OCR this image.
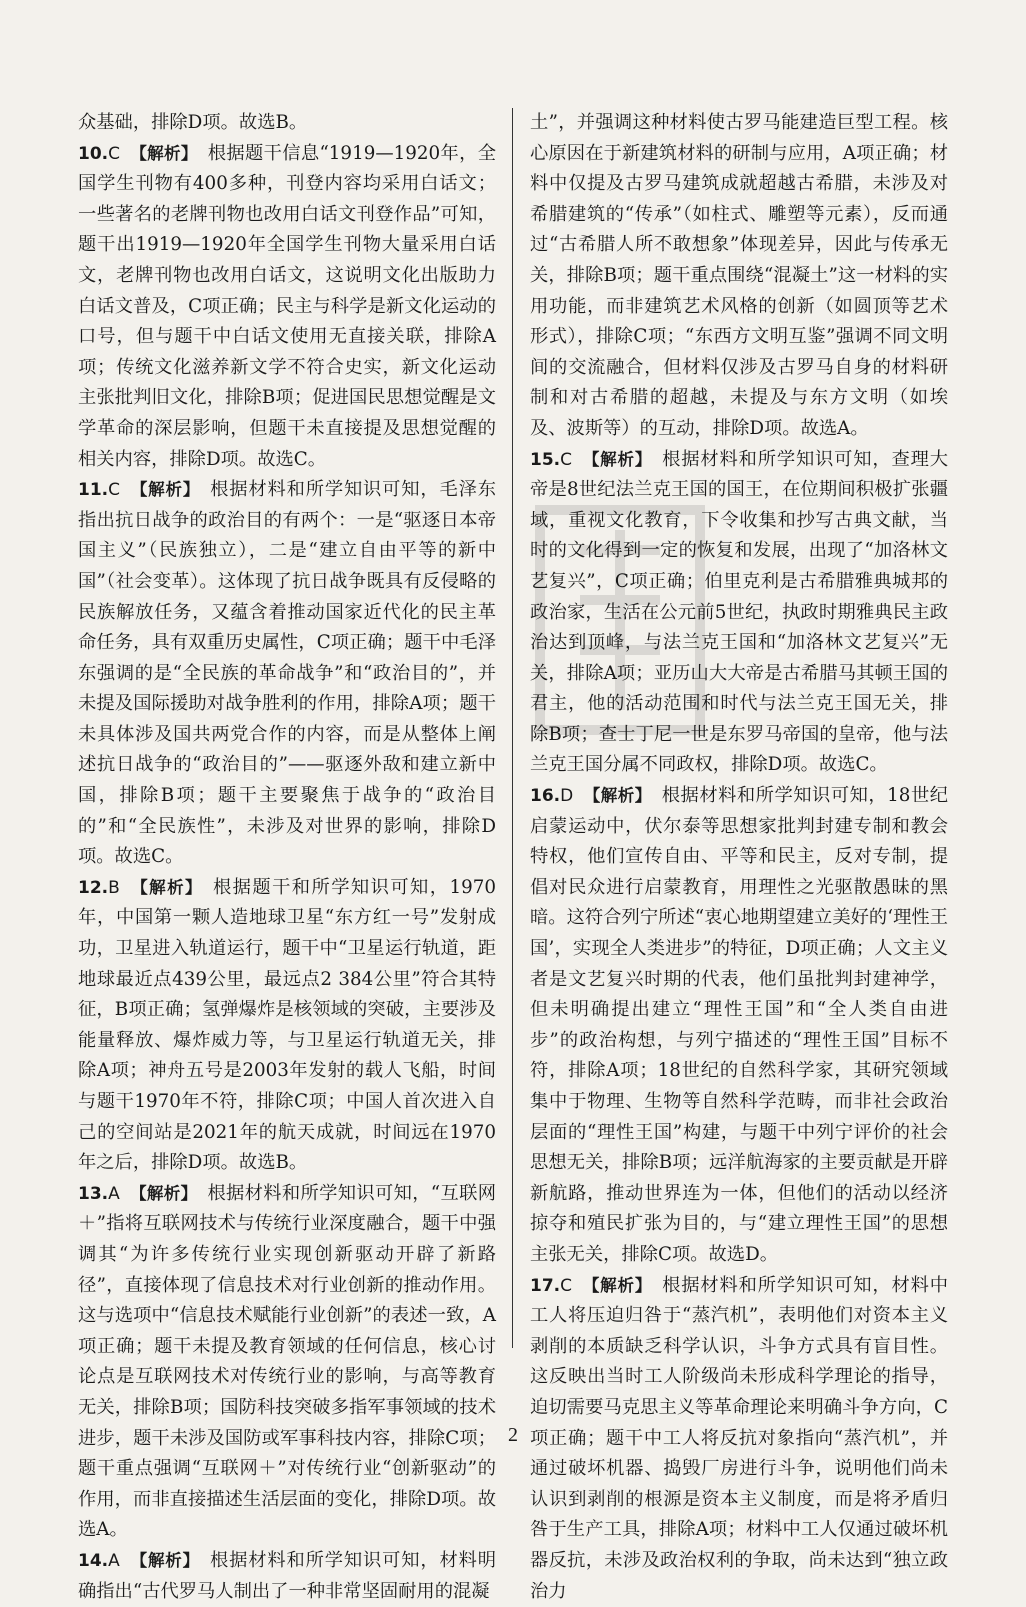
众基础，排除D项。故选B。

10.C 【解析】 根据题干信息“1919—1920年，全国学生刊物有400多种，刊登内容均采用白话文；一些著名的老牌刊物也改用白话文刊登作品”可知，题干出1919—1920年全国学生刊物大量采用白话文，老牌刊物也改用白话文，这说明文化出版助力白话文普及，C项正确；民主与科学是新文化运动的口号，但与题干中白话文使用无直接关联，排除A项；传统文化滋养新文学不符合史实，新文化运动主张批判旧文化，排除B项；促进国民思想觉醒是文学革命的深层影响，但题干未直接提及思想觉醒的相关内容，排除D项。故选C。

11.C 【解析】 根据材料和所学知识可知，毛泽东指出抗日战争的政治目的有两个：一是“驱逐日本帝国主义”（民族独立），二是“建立自由平等的新中国”（社会变革）。这体现了抗日战争既具有反侵略的民族解放任务，又蕴含着推动国家近代化的民主革命任务，具有双重历史属性，C项正确；题干中毛泽东强调的是“全民族的革命战争”和“政治目的”，并未提及国际援助对战争胜利的作用，排除A项；题干未具体涉及国共两党合作的内容，而是从整体上阐述抗日战争的“政治目的”——驱逐外敌和建立新中国，排除B项；题干主要聚焦于战争的“政治目的”和“全民族性”，未涉及对世界的影响，排除D项。故选C。

12.B 【解析】 根据题干和所学知识可知，1970年，中国第一颗人造地球卫星“东方红一号”发射成功，卫星进入轨道运行，题干中“卫星运行轨道，距地球最近点439公里，最远点2 384公里”符合其特征，B项正确；氢弹爆炸是核领域的突破，主要涉及能量释放、爆炸威力等，与卫星运行轨道无关，排除A项；神舟五号是2003年发射的载人飞船，时间与题干1970年不符，排除C项；中国人首次进入自己的空间站是2021年的航天成就，时间远在1970年之后，排除D项。故选B。

13.A 【解析】 根据材料和所学知识可知，“互联网＋”指将互联网技术与传统行业深度融合，题干中强调其“为许多传统行业实现创新驱动开辟了新路径”，直接体现了信息技术对行业创新的推动作用。这与选项中“信息技术赋能行业创新”的表述一致，A项正确；题干未提及教育领域的任何信息，核心讨论点是互联网技术对传统行业的影响，与高等教育无关，排除B项；国防科技突破多指军事领域的技术进步，题干未涉及国防或军事科技内容，排除C项；题干重点强调“互联网＋”对传统行业“创新驱动”的作用，而非直接描述生活层面的变化，排除D项。故选A。

14.A 【解析】 根据材料和所学知识可知，材料明确指出“古代罗马人制出了一种非常坚固耐用的混凝

土”，并强调这种材料使古罗马能建造巨型工程。核心原因在于新建筑材料的研制与应用，A项正确；材料中仅提及古罗马建筑成就超越古希腊，未涉及对希腊建筑的“传承”（如柱式、雕塑等元素），反而通过“古希腊人所不敢想象”体现差异，因此与传承无关，排除B项；题干重点围绕“混凝土”这一材料的实用功能，而非建筑艺术风格的创新（如圆顶等艺术形式），排除C项；“东西方文明互鉴”强调不同文明间的交流融合，但材料仅涉及古罗马自身的材料研制和对古希腊的超越，未提及与东方文明（如埃及、波斯等）的互动，排除D项。故选A。

15.C 【解析】 根据材料和所学知识可知，查理大帝是8世纪法兰克王国的国王，在位期间积极扩张疆域，重视文化教育，下令收集和抄写古典文献，当时的文化得到一定的恢复和发展，出现了“加洛林文艺复兴”，C项正确；伯里克利是古希腊雅典城邦的政治家，生活在公元前5世纪，执政时期雅典民主政治达到顶峰，与法兰克王国和“加洛林文艺复兴”无关，排除A项；亚历山大大帝是古希腊马其顿王国的君主，他的活动范围和时代与法兰克王国无关，排除B项；查士丁尼一世是东罗马帝国的皇帝，他与法兰克王国分属不同政权，排除D项。故选C。

16.D 【解析】 根据材料和所学知识可知，18世纪启蒙运动中，伏尔泰等思想家批判封建专制和教会特权，他们宣传自由、平等和民主，反对专制，提倡对民众进行启蒙教育，用理性之光驱散愚昧的黑暗。这符合列宁所述“衷心地期望建立美好的‘理性王国’，实现全人类进步”的特征，D项正确；人文主义者是文艺复兴时期的代表，他们虽批判封建神学，但未明确提出建立“理性王国”和“全人类自由进步”的政治构想，与列宁描述的“理性王国”目标不符，排除A项；18世纪的自然科学家，其研究领域集中于物理、生物等自然科学范畴，而非社会政治层面的“理性王国”构建，与题干中列宁评价的社会思想无关，排除B项；远洋航海家的主要贡献是开辟新航路，推动世界连为一体，但他们的活动以经济掠夺和殖民扩张为目的，与“建立理性王国”的思想主张无关，排除C项。故选D。

17.C 【解析】 根据材料和所学知识可知，材料中工人将压迫归咎于“蒸汽机”，表明他们对资本主义剥削的本质缺乏科学认识，斗争方式具有盲目性。这反映出当时工人阶级尚未形成科学理论的指导，迫切需要马克思主义等革命理论来明确斗争方向，C项正确；题干中工人将反抗对象指向“蒸汽机”，并通过破坏机器、捣毁厂房进行斗争，说明他们尚未认识到剥削的根源是资本主义制度，而是将矛盾归咎于生产工具，排除A项；材料中工人仅通过破坏机器反抗，未涉及政治权利的争取，尚未达到“独立政治力

2
